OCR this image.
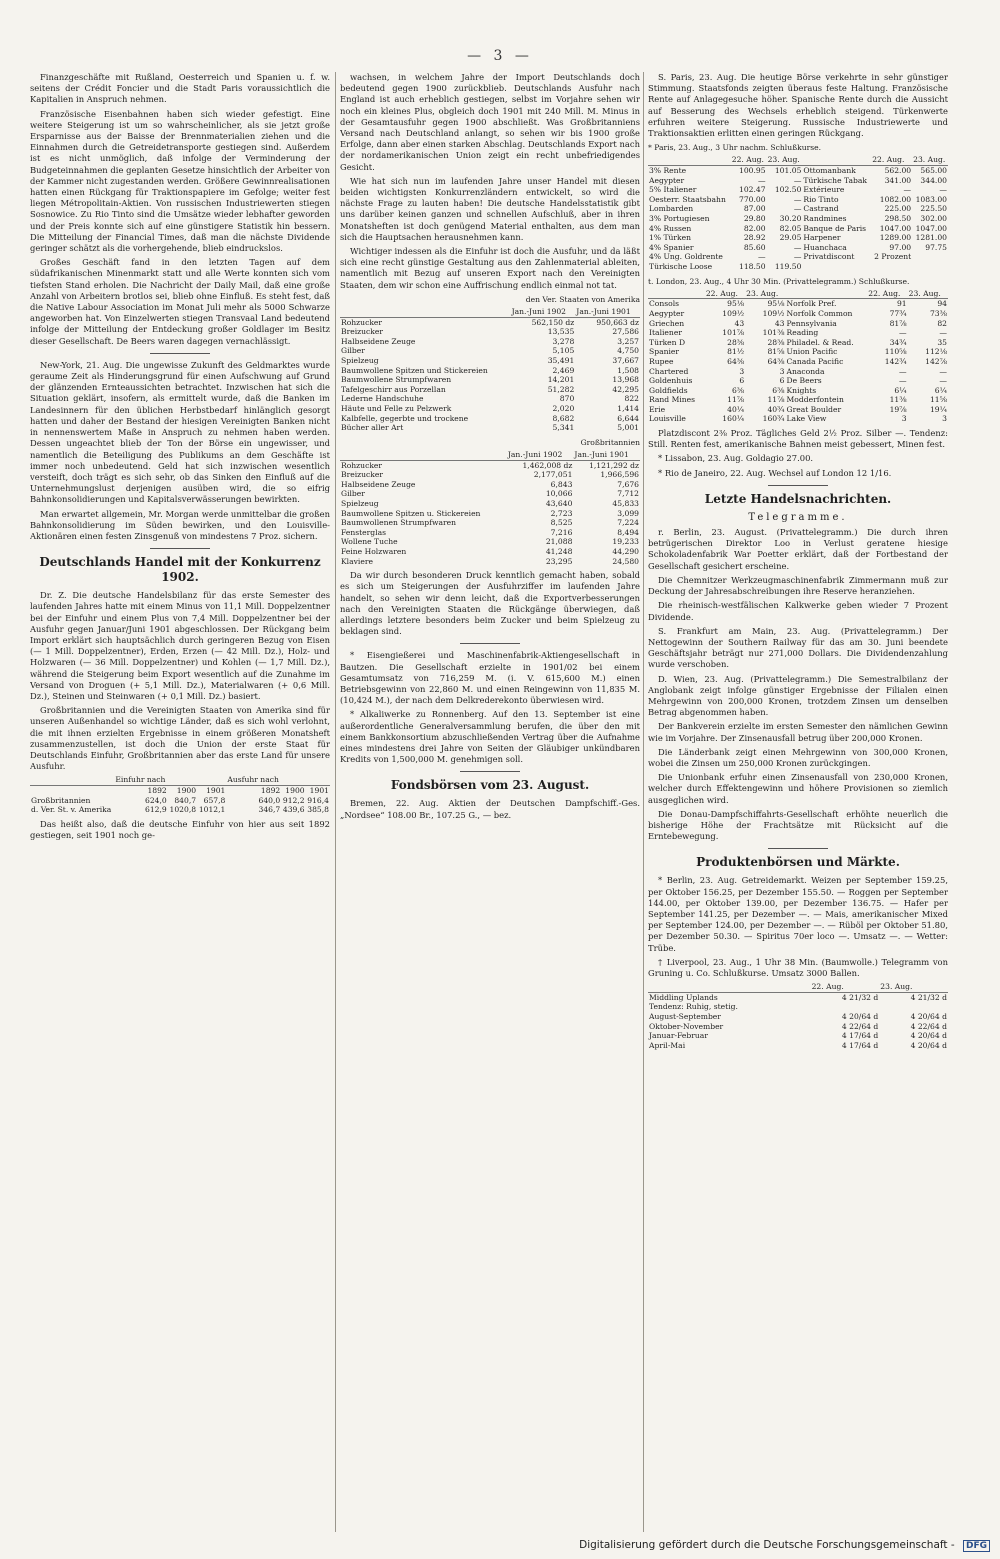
— 3 —

Finanzgeschäfte mit Rußland, Oesterreich und Spanien u. f. w. seitens der Crédit Foncier und die Stadt Paris voraussichtlich die Kapitalien in Anspruch nehmen.

Französische Eisenbahnen haben sich wieder gefestigt. Eine weitere Steigerung ist um so wahrscheinlicher, als sie jetzt große Ersparnisse aus der Baisse der Brennmaterialien ziehen und die Einnahmen durch die Getreidetransporte gestiegen sind. Außerdem ist es nicht unmöglich, daß infolge der Verminderung der Budgeteinnahmen die geplanten Gesetze hinsichtlich der Arbeiter von der Kammer nicht zugestanden werden. Größere Gewinnrealisationen hatten einen Rückgang für Traktionspapiere im Gefolge; weiter fest liegen Métropolitain-Aktien. Von russischen Industriewerten stiegen Sosnowice. Zu Rio Tinto sind die Umsätze wieder lebhafter geworden und der Preis konnte sich auf eine günstigere Statistik hin bessern. Die Mitteilung der Financial Times, daß man die nächste Dividende geringer schätzt als die vorhergehende, blieb eindruckslos.

Großes Geschäft fand in den letzten Tagen auf dem südafrikanischen Minenmarkt statt und alle Werte konnten sich vom tiefsten Stand erholen. Die Nachricht der Daily Mail, daß eine große Anzahl von Arbeitern brotlos sei, blieb ohne Einfluß. Es steht fest, daß die Native Labour Association im Monat Juli mehr als 5000 Schwarze angeworben hat. Von Einzelwerten stiegen Transvaal Land bedeutend infolge der Mitteilung der Entdeckung großer Goldlager im Besitz dieser Gesellschaft. De Beers waren dagegen vernachlässigt.

New-York, 21. Aug. Die ungewisse Zukunft des Geldmarktes wurde geraume Zeit als Hinderungsgrund für einen Aufschwung auf Grund der glänzenden Ernteaussichten betrachtet. Inzwischen hat sich die Situation geklärt, insofern, als ermittelt wurde, daß die Banken im Landesinnern für den üblichen Herbstbedarf hinlänglich gesorgt hatten und daher der Bestand der hiesigen Vereinigten Banken nicht in nennenswertem Maße in Anspruch zu nehmen haben werden. Dessen ungeachtet blieb der Ton der Börse ein ungewisser, und namentlich die Beteiligung des Publikums an dem Geschäfte ist immer noch unbedeutend. Geld hat sich inzwischen wesentlich versteift, doch trägt es sich sehr, ob das Sinken den Einfluß auf die Unternehmungslust derjenigen ausüben wird, die so eifrig Bahnkonsolidierungen und Kapitalsverwässerungen bewirkten.

Man erwartet allgemein, Mr. Morgan werde unmittelbar die großen Bahnkonsolidierung im Süden bewirken, und den Louisville-Aktionären einen festen Zinsgenuß von mindestens 7 Proz. sichern.

Deutschlands Handel mit der Konkurrenz 1902.

Dr. Z. Die deutsche Handelsbilanz für das erste Semester des laufenden Jahres hatte mit einem Minus von 11,1 Mill. Doppelzentner bei der Einfuhr und einem Plus von 7,4 Mill. Doppelzentner bei der Ausfuhr gegen Januar/Juni 1901 abgeschlossen. Der Rückgang beim Import erklärt sich hauptsächlich durch geringeren Bezug von Eisen (— 1 Mill. Doppelzentner), Erden, Erzen (— 42 Mill. Dz.), Holz- und Holzwaren (— 36 Mill. Doppelzentner) und Kohlen (— 1,7 Mill. Dz.), während die Steigerung beim Export wesentlich auf die Zunahme im Versand von Droguen (+ 5,1 Mill. Dz.), Materialwaren (+ 0,6 Mill. Dz.), Steinen und Steinwaren (+ 0,1 Mill. Dz.) basiert.

Großbritannien und die Vereinigten Staaten von Amerika sind für unseren Außenhandel so wichtige Länder, daß es sich wohl verlohnt, die mit ihnen erzielten Ergebnisse in einem größeren Monatsheft zusammenzustellen, ist doch die Union der erste Staat für Deutschlands Einfuhr, Großbritannien aber das erste Land für unsere Ausfuhr.

	Einfuhr nach			Ausfuhr nach		
	1892	1900	1901	1892	1900	1901
Großbritannien	624,0	840,7	657,8	640,0	912,2	916,4
d. Ver. St. v. Amerika	612,9	1020,8	1012,1	346,7	439,6	385,8

Das heißt also, daß die deutsche Einfuhr von hier aus seit 1892 gestiegen, seit 1901 noch ge-

wachsen, in welchem Jahre der Import Deutschlands doch bedeutend gegen 1900 zurückblieb. Deutschlands Ausfuhr nach England ist auch erheblich gestiegen, selbst im Vorjahre sehen wir noch ein kleines Plus, obgleich doch 1901 mit 240 Mill. M. Minus in der Gesamtausfuhr gegen 1900 abschließt. Was Großbritanniens Versand nach Deutschland anlangt, so sehen wir bis 1900 große Erfolge, dann aber einen starken Abschlag. Deutschlands Export nach der nordamerikanischen Union zeigt ein recht unbefriedigendes Gesicht.

Wie hat sich nun im laufenden Jahre unser Handel mit diesen beiden wichtigsten Konkurrenzländern entwickelt, so wird die nächste Frage zu lauten haben! Die deutsche Handelsstatistik gibt uns darüber keinen ganzen und schnellen Aufschluß, aber in ihren Monatsheften ist doch genügend Material enthalten, aus dem man sich die Hauptsachen herausnehmen kann.

Wichtiger indessen als die Einfuhr ist doch die Ausfuhr, und da läßt sich eine recht günstige Gestaltung aus den Zahlenmaterial ableiten, namentlich mit Bezug auf unseren Export nach den Vereinigten Staaten, dem wir schon eine Auffrischung endlich einmal not tat.

den Ver. Staaten von Amerika
	Jan.-Juni 1902	Jan.-Juni 1901
Rohzucker	562,150 dz	950,663 dz
Breizucker	13,535	27,586
Halbseidene Zeuge	3,278	3,257
Gilber	5,105	4,750
Spielzeug	35,491	37,667
Baumwollene Spitzen und Stickereien	2,469	1,508
Baumwollene Strumpfwaren	14,201	13,968
Tafelgeschirr aus Porzellan	51,282	42,295
Lederne Handschuhe	870	822
Häute und Felle zu Pelzwerk	2,020	1,414
Kalbfelle, gegerbte und trockene	8,682	6,644
Bücher aller Art	5,341	5,001
Großbritannien
	Jan.-Juni 1902	Jan.-Juni 1901
Rohzucker	1,462,008 dz	1,121,292 dz
Breizucker	2,177,051	1,966,596
Halbseidene Zeuge	6,843	7,676
Gilber	10,066	7,712
Spielzeug	43,640	45,833
Baumwollene Spitzen u. Stickereien	2,723	3,099
Baumwollenen Strumpfwaren	8,525	7,224
Fensterglas	7,216	8,494
Wollene Tuche	21,088	19,233
Feine Holzwaren	41,248	44,290
Klaviere	23,295	24,580

Da wir durch besonderen Druck kenntlich gemacht haben, sobald es sich um Steigerungen der Ausfuhrziffer im laufenden Jahre handelt, so sehen wir denn leicht, daß die Exportverbesserungen nach den Vereinigten Staaten die Rückgänge überwiegen, daß allerdings letztere besonders beim Zucker und beim Spielzeug zu beklagen sind.

* Eisengießerei und Maschinenfabrik-Aktiengesellschaft in Bautzen. Die Gesellschaft erzielte in 1901/02 bei einem Gesamtumsatz von 716,259 M. (i. V. 615,600 M.) einen Betriebsgewinn von 22,860 M. und einen Reingewinn von 11,835 M. (10,424 M.), der nach dem Delkrederekonto überwiesen wird.

* Alkaliwerke zu Ronnenberg. Auf den 13. September ist eine außerordentliche Generalversammlung berufen, die über den mit einem Bankkonsortium abzuschließenden Vertrag über die Aufnahme eines mindestens drei Jahre von Seiten der Gläubiger unkündbaren Kredits von 1,500,000 M. genehmigen soll.

Fondsbörsen vom 23. August.

Bremen, 22. Aug. Aktien der Deutschen Dampfschiff.-Ges. „Nordsee“ 108.00 Br., 107.25 G., — bez.

S. Paris, 23. Aug. Die heutige Börse verkehrte in sehr günstiger Stimmung. Staatsfonds zeigten überaus feste Haltung. Französische Rente auf Anlagegesuche höher. Spanische Rente durch die Aussicht auf Besserung des Wechsels erheblich steigend. Türkenwerte erfuhren weitere Steigerung. Russische Industriewerte und Traktionsaktien erlitten einen geringen Rückgang.

* Paris, 23. Aug., 3 Uhr nachm. Schlußkurse.
	22. Aug.	23. Aug.		22. Aug.	23. Aug.
3% Rente	100.95	101.05	Ottomanbank	562.00	565.00
Aegypter	—	—	Türkische Tabak	341.00	344.00
5% Italiener	102.47	102.50	Extérieure	—	—
Oesterr. Staatsbahn	770.00	—	Rio Tinto	1082.00	1083.00
Lombarden	87.00	—	Castrand	225.00	225.50
3% Portugiesen	29.80	30.20	Randmines	298.50	302.00
4% Russen	82.00	82.05	Banque de Paris	1047.00	1047.00
1% Türken	28.92	29.05	Harpener	1289.00	1281.00
4% Spanier	85.60	—	Huanchaca	97.00	97.75
4% Ung. Goldrente	—	—	Privatdiscont	2 Prozent	
Türkische Loose	118.50	119.50			
t. London, 23. Aug., 4 Uhr 30 Min. (Privattelegramm.) Schlußkurse.
	22. Aug.	23. Aug.		22. Aug.	23. Aug.
Consols	95⅛	95⅛	Norfolk Pref.	91	94
Aegypter	109½	109½	Norfolk Common	77¾	73⅜
Griechen	43	43	Pennsylvania	81⅞	82
Italiener	101⅞	101⅜	Reading	—	—
Türken D	28⅜	28⅜	Philadel. & Read.	34¾	35
Spanier	81½	81⅝	Union Pacific	110⅝	112⅛
Rupee	64⅜	64⅜	Canada Pacific	142¾	142⅞
Chartered	3	3	Anaconda	—	—
Goldenhuis	6	6	De Beers	—	—
Goldfields	6⅜	6⅜	Knights	6¼	6¼
Rand Mines	11⅞	11⅞	Modderfontein	11⅜	11⅝
Erie	40¼	40¾	Great Boulder	19⅞	19¼
Louisville	160¼	160¾	Lake View	3	3

Platzdiscont 2⅜ Proz. Tägliches Geld 2½ Proz. Silber —. Tendenz: Still. Renten fest, amerikanische Bahnen meist gebessert, Minen fest.

* Lissabon, 23. Aug. Goldagio 27.00.

* Rio de Janeiro, 22. Aug. Wechsel auf London 12 1/16.

Letzte Handelsnachrichten.
Telegramme.

r. Berlin, 23. August. (Privattelegramm.) Die durch ihren betrügerischen Direktor Loo in Verlust geratene hiesige Schokoladenfabrik War Poetter erklärt, daß der Fortbestand der Gesellschaft gesichert erscheine.

Die Chemnitzer Werkzeugmaschinenfabrik Zimmermann muß zur Deckung der Jahresabschreibungen ihre Reserve heranziehen.

Die rheinisch-westfälischen Kalkwerke geben wieder 7 Prozent Dividende.

S. Frankfurt am Main, 23. Aug. (Privattelegramm.) Der Nettogewinn der Southern Railway für das am 30. Juni beendete Geschäftsjahr beträgt nur 271,000 Dollars. Die Dividendenzahlung wurde verschoben.

D. Wien, 23. Aug. (Privattelegramm.) Die Semestralbilanz der Anglobank zeigt infolge günstiger Ergebnisse der Filialen einen Mehrgewinn von 200,000 Kronen, trotzdem Zinsen um denselben Betrag abgenommen haben.

Der Bankverein erzielte im ersten Semester den nämlichen Gewinn wie im Vorjahre. Der Zinsenausfall betrug über 200,000 Kronen.

Die Länderbank zeigt einen Mehrgewinn von 300,000 Kronen, wobei die Zinsen um 250,000 Kronen zurückgingen.

Die Unionbank erfuhr einen Zinsenausfall von 230,000 Kronen, welcher durch Effektengewinn und höhere Provisionen so ziemlich ausgeglichen wird.

Die Donau-Dampfschiffahrts-Gesellschaft erhöhte neuerlich die bisherige Höhe der Frachtsätze mit Rücksicht auf die Erntebewegung.

Produktenbörsen und Märkte.

* Berlin, 23. Aug. Getreidemarkt. Weizen per September 159.25, per Oktober 156.25, per Dezember 155.50. — Roggen per September 144.00, per Oktober 139.00, per Dezember 136.75. — Hafer per September 141.25, per Dezember —. — Mais, amerikanischer Mixed per September 124.00, per Dezember —. — Rüböl per Oktober 51.80, per Dezember 50.30. — Spiritus 70er loco —. Umsatz —. — Wetter: Trübe.

† Liverpool, 23. Aug., 1 Uhr 38 Min. (Baumwolle.) Telegramm von Gruning u. Co. Schlußkurse. Umsatz 3000 Ballen.

	22. Aug.	23. Aug.
Middling Uplands	4 21/32 d	4 21/32 d
Tendenz: Ruhig, stetig.		
August-September	4 20/64 d	4 20/64 d
Oktober-November	4 22/64 d	4 22/64 d
Januar-Februar	4 17/64 d	4 20/64 d
April-Mai	4 17/64 d	4 20/64 d
Digitalisierung gefördert durch die Deutsche Forschungsgemeinschaft - DFG
